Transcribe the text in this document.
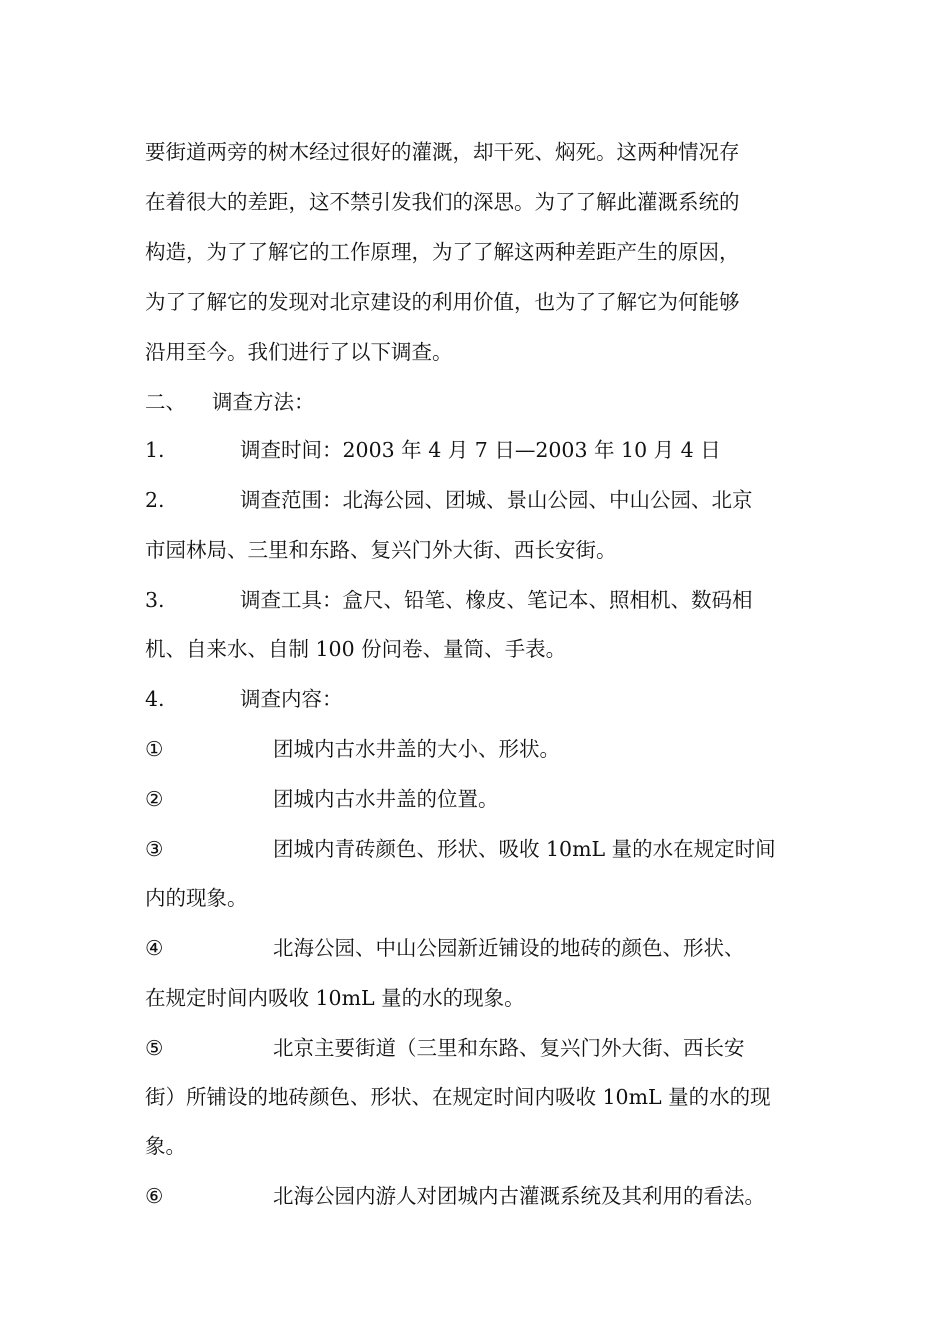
要街道两旁的树木经过很好的灌溉，却干死、焖死。这两种情况存
在着很大的差距，这不禁引发我们的深思。为了了解此灌溉系统的
构造，为了了解它的工作原理，为了了解这两种差距产生的原因，
为了了解它的发现对北京建设的利用价值，也为了了解它为何能够
沿用至今。我们进行了以下调查。
二、 调查方法：
1.	调查时间：2003 年 4 月 7 日—2003 年 10 月 4 日
2.	调查范围：北海公园、团城、景山公园、中山公园、北京
市园林局、三里和东路、复兴门外大街、西长安街。
3.	调查工具：盒尺、铅笔、橡皮、笔记本、照相机、数码相
机、自来水、自制 100 份问卷、量筒、手表。
4.	调查内容：
①	团城内古水井盖的大小、形状。
②	团城内古水井盖的位置。
③	团城内青砖颜色、形状、吸收 10mL 量的水在规定时间
内的现象。
④	北海公园、中山公园新近铺设的地砖的颜色、形状、
在规定时间内吸收 10mL 量的水的现象。
⑤	北京主要街道（三里和东路、复兴门外大街、西长安
街）所铺设的地砖颜色、形状、在规定时间内吸收 10mL 量的水的现
象。
⑥	北海公园内游人对团城内古灌溉系统及其利用的看法。
